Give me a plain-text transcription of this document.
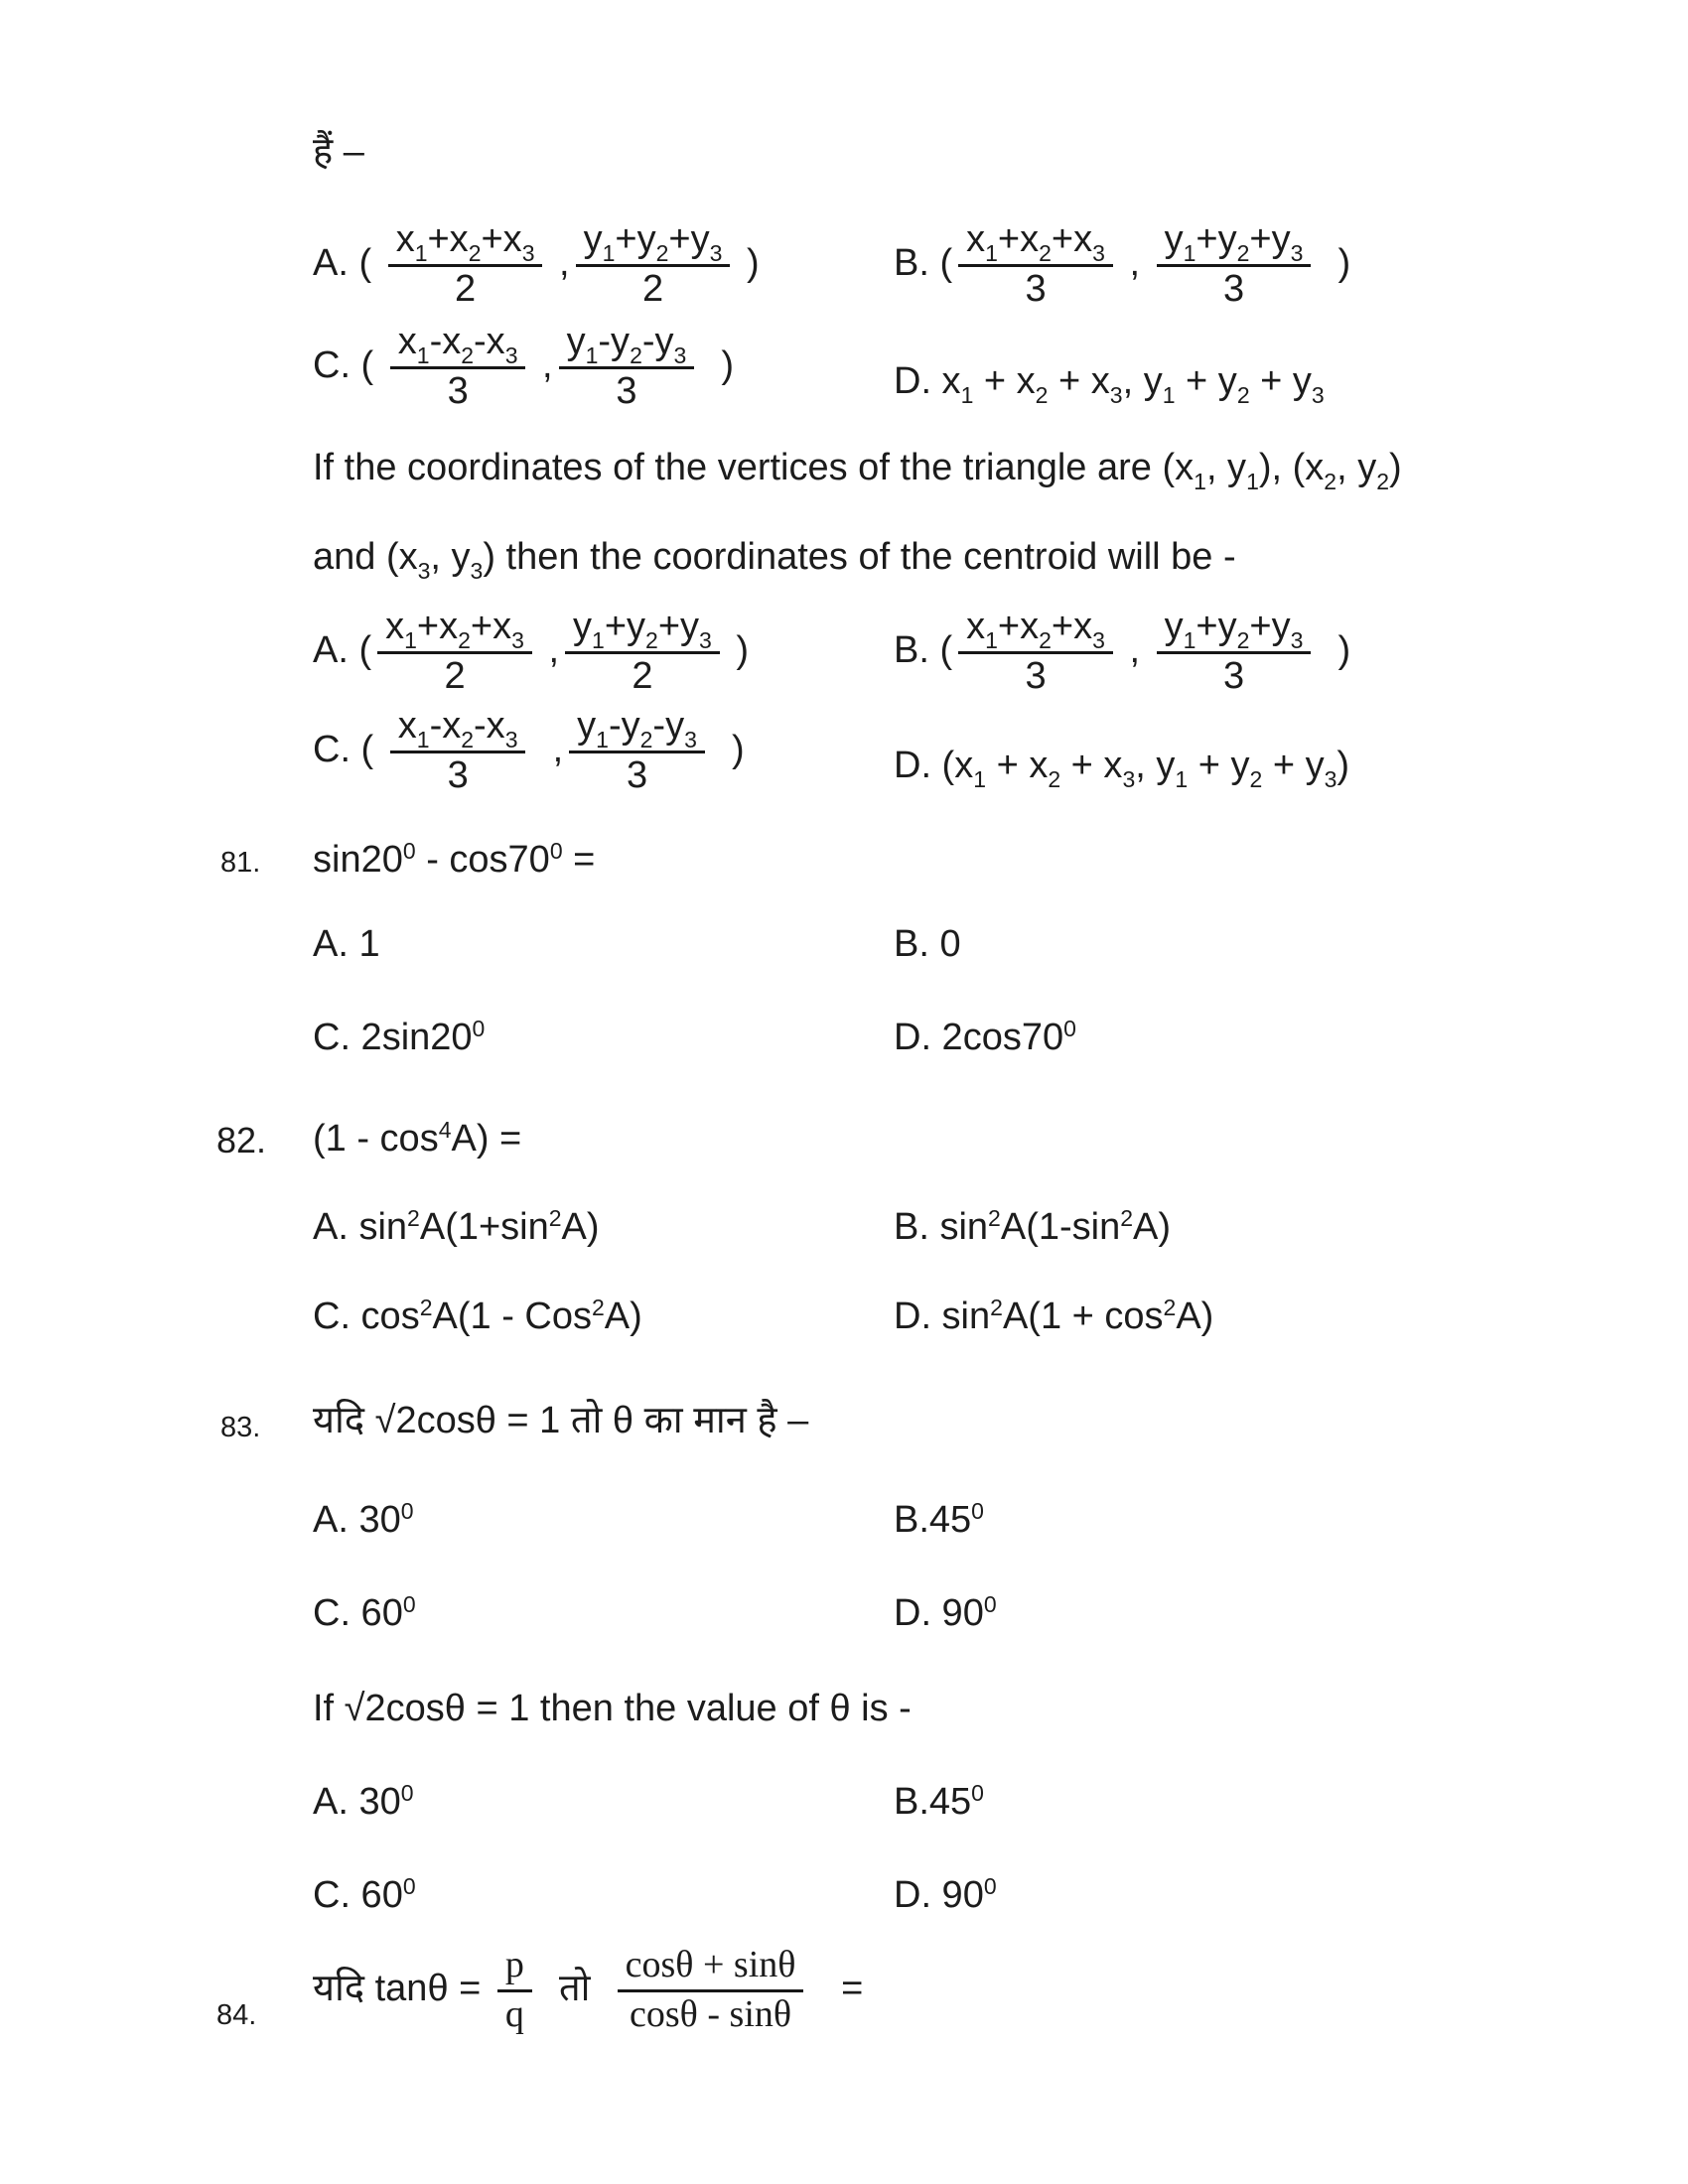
हैं –
A. ( $\frac{x_1+x_2+x_3}{2}$ , $\frac{y_1+y_2+y_3}{2}$ )	B. ( $\frac{x_1+x_2+x_3}{3}$ , $\frac{y_1+y_2+y_3}{3}$ )
C. ( $\frac{x_1-x_2-x_3}{3}$ , $\frac{y_1-y_2-y_3}{3}$ )	D. $x_1 + x_2 + x_3$, $y_1 + y_2 + y_3$
If the coordinates of the vertices of the triangle are ($x_1$, $y_1$), ($x_2$, $y_2$)
and ($x_3$, $y_3$) then the coordinates of the centroid will be -
A. ( $\frac{x_1+x_2+x_3}{2}$ , $\frac{y_1+y_2+y_3}{2}$ )	B. ( $\frac{x_1+x_2+x_3}{3}$ , $\frac{y_1+y_2+y_3}{3}$ )
C. ( $\frac{x_1-x_2-x_3}{3}$ , $\frac{y_1-y_2-y_3}{3}$ )	D. ($x_1 + x_2 + x_3$, $y_1 + y_2 + y_3$)
81. $\sin 20^0 - \cos 70^0$ =
A. 1	B. 0
C. $2\sin 20^0$	D. $2\cos 70^0$
82. $(1 - \cos^4A)$ =
A. $\sin^2A(1+\sin^2A)$	B. $\sin^2A(1-\sin^2A)$
C. $\cos^2A(1 - Cos^2A)$	D. $\sin^2A(1 + \cos^2A)$
83. यदि √2cosθ = 1 तो θ का मान है –
A. $30^0$	$B.45^0$
C. $60^0$	D. $90^0$
If √2cosθ = 1 then the value of θ is -
A. $30^0$	$B.45^0$
C. $60^0$	D. $90^0$
84.
यदि $\tan\theta = \frac{p}{q}$ तो $\frac{\cos\theta + \sin\theta}{\cos\theta - \sin\theta}$ =
